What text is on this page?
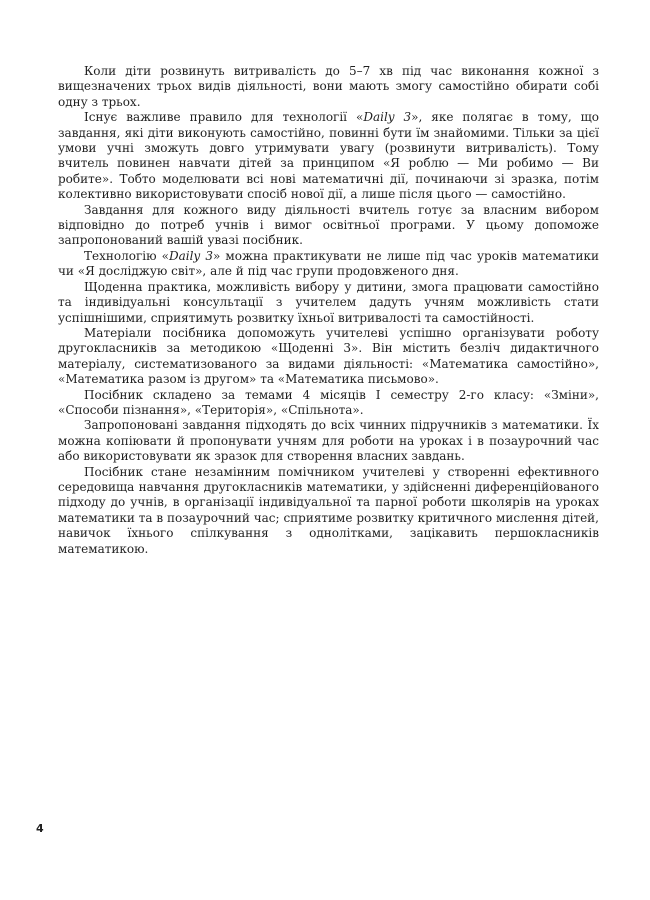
Коли діти розвинуть витривалість до 5–7 хв під час виконання кожної з вищезначених трьох видів діяльності, вони мають змогу самостійно обирати собі одну з трьох.

Існує важливе правило для технології «Daily 3», яке полягає в тому, що завдання, які діти виконують самостійно, повинні бути їм знайомими. Тільки за цієї умови учні зможуть довго утримувати увагу (розвинути витривалість). Тому вчитель повинен навчати дітей за принципом «Я роблю — Ми робимо — Ви робите». Тобто моделювати всі нові математичні дії, починаючи зі зразка, потім колективно використовувати спосіб нової дії, а лише після цього — самостійно.

Завдання для кожного виду діяльності вчитель готує за власним вибором відповідно до потреб учнів і вимог освітньої програми. У цьому допоможе запропонований вашій увазі посібник.

Технологію «Daily 3» можна практикувати не лише під час уроків математики чи «Я досліджую світ», але й під час групи продовженого дня.

Щоденна практика, можливість вибору у дитини, змога працювати самостійно та індивідуальні консультації з учителем дадуть учням можливість стати успішнішими, сприятимуть розвитку їхньої витривалості та самостійності.

Матеріали посібника допоможуть учителеві успішно організувати роботу другокласників за методикою «Щоденні 3». Він містить безліч дидактичного матеріалу, систематизованого за видами діяльності: «Математика самостійно», «Математика разом із другом» та «Математика письмово».

Посібник складено за темами 4 місяців I семестру 2-го класу: «Зміни», «Способи пізнання», «Територія», «Спільнота».

Запропоновані завдання підходять до всіх чинних підручників з математики. Їх можна копіювати й пропонувати учням для роботи на уроках і в позаурочний час або використовувати як зразок для створення власних завдань.

Посібник стане незамінним помічником учителеві у створенні ефективного середовища навчання другокласників математики, у здійсненні диференційованого підходу до учнів, в організації індивідуальної та парної роботи школярів на уроках математики та в позаурочний час; сприятиме розвитку критичного мислення дітей, навичок їхнього спілкування з однолітками, зацікавить першокласників математикою.

4
